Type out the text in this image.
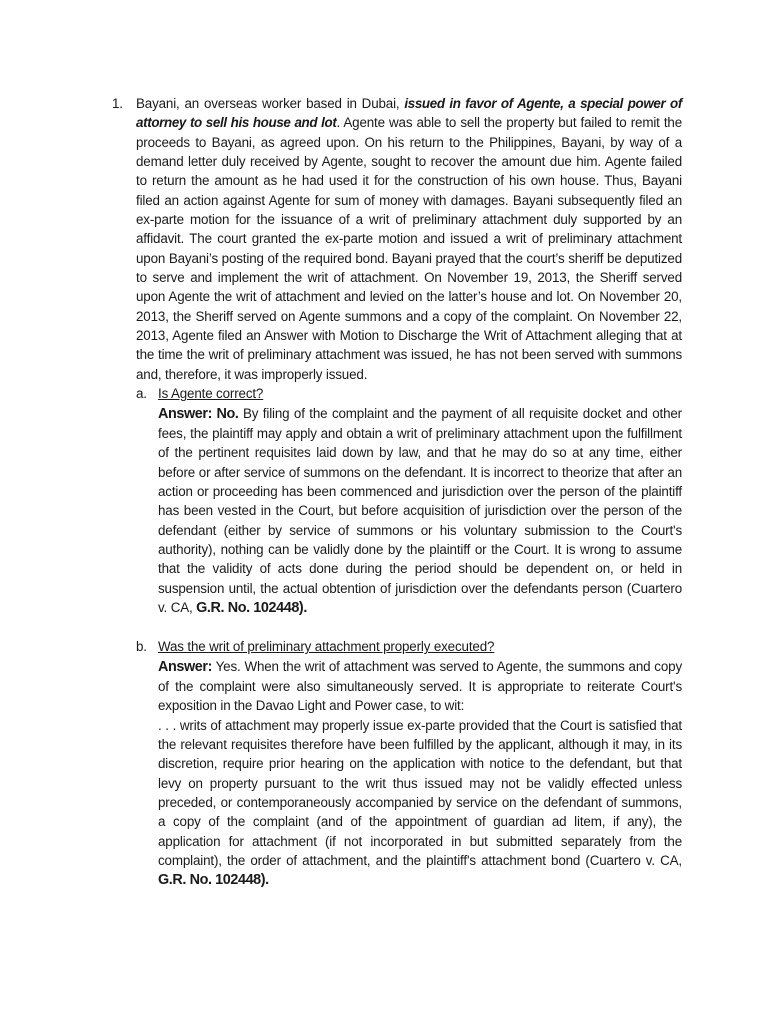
1. Bayani, an overseas worker based in Dubai, issued in favor of Agente, a special power of attorney to sell his house and lot. Agente was able to sell the property but failed to remit the proceeds to Bayani, as agreed upon. On his return to the Philippines, Bayani, by way of a demand letter duly received by Agente, sought to recover the amount due him. Agente failed to return the amount as he had used it for the construction of his own house. Thus, Bayani filed an action against Agente for sum of money with damages. Bayani subsequently filed an ex-parte motion for the issuance of a writ of preliminary attachment duly supported by an affidavit. The court granted the ex-parte motion and issued a writ of preliminary attachment upon Bayani’s posting of the required bond. Bayani prayed that the court’s sheriff be deputized to serve and implement the writ of attachment. On November 19, 2013, the Sheriff served upon Agente the writ of attachment and levied on the latter’s house and lot. On November 20, 2013, the Sheriff served on Agente summons and a copy of the complaint. On November 22, 2013, Agente filed an Answer with Motion to Discharge the Writ of Attachment alleging that at the time the writ of preliminary attachment was issued, he has not been served with summons and, therefore, it was improperly issued.
a. Is Agente correct?
Answer: No. By filing of the complaint and the payment of all requisite docket and other fees, the plaintiff may apply and obtain a writ of preliminary attachment upon the fulfillment of the pertinent requisites laid down by law, and that he may do so at any time, either before or after service of summons on the defendant. It is incorrect to theorize that after an action or proceeding has been commenced and jurisdiction over the person of the plaintiff has been vested in the Court, but before acquisition of jurisdiction over the person of the defendant (either by service of summons or his voluntary submission to the Court's authority), nothing can be validly done by the plaintiff or the Court. It is wrong to assume that the validity of acts done during the period should be dependent on, or held in suspension until, the actual obtention of jurisdiction over the defendants person (Cuartero v. CA, G.R. No. 102448).
b. Was the writ of preliminary attachment properly executed?
Answer: Yes. When the writ of attachment was served to Agente, the summons and copy of the complaint were also simultaneously served. It is appropriate to reiterate Court's exposition in the Davao Light and Power case, to wit:
. . . writs of attachment may properly issue ex-parte provided that the Court is satisfied that the relevant requisites therefore have been fulfilled by the applicant, although it may, in its discretion, require prior hearing on the application with notice to the defendant, but that levy on property pursuant to the writ thus issued may not be validly effected unless preceded, or contemporaneously accompanied by service on the defendant of summons, a copy of the complaint (and of the appointment of guardian ad litem, if any), the application for attachment (if not incorporated in but submitted separately from the complaint), the order of attachment, and the plaintiff's attachment bond (Cuartero v. CA, G.R. No. 102448).
